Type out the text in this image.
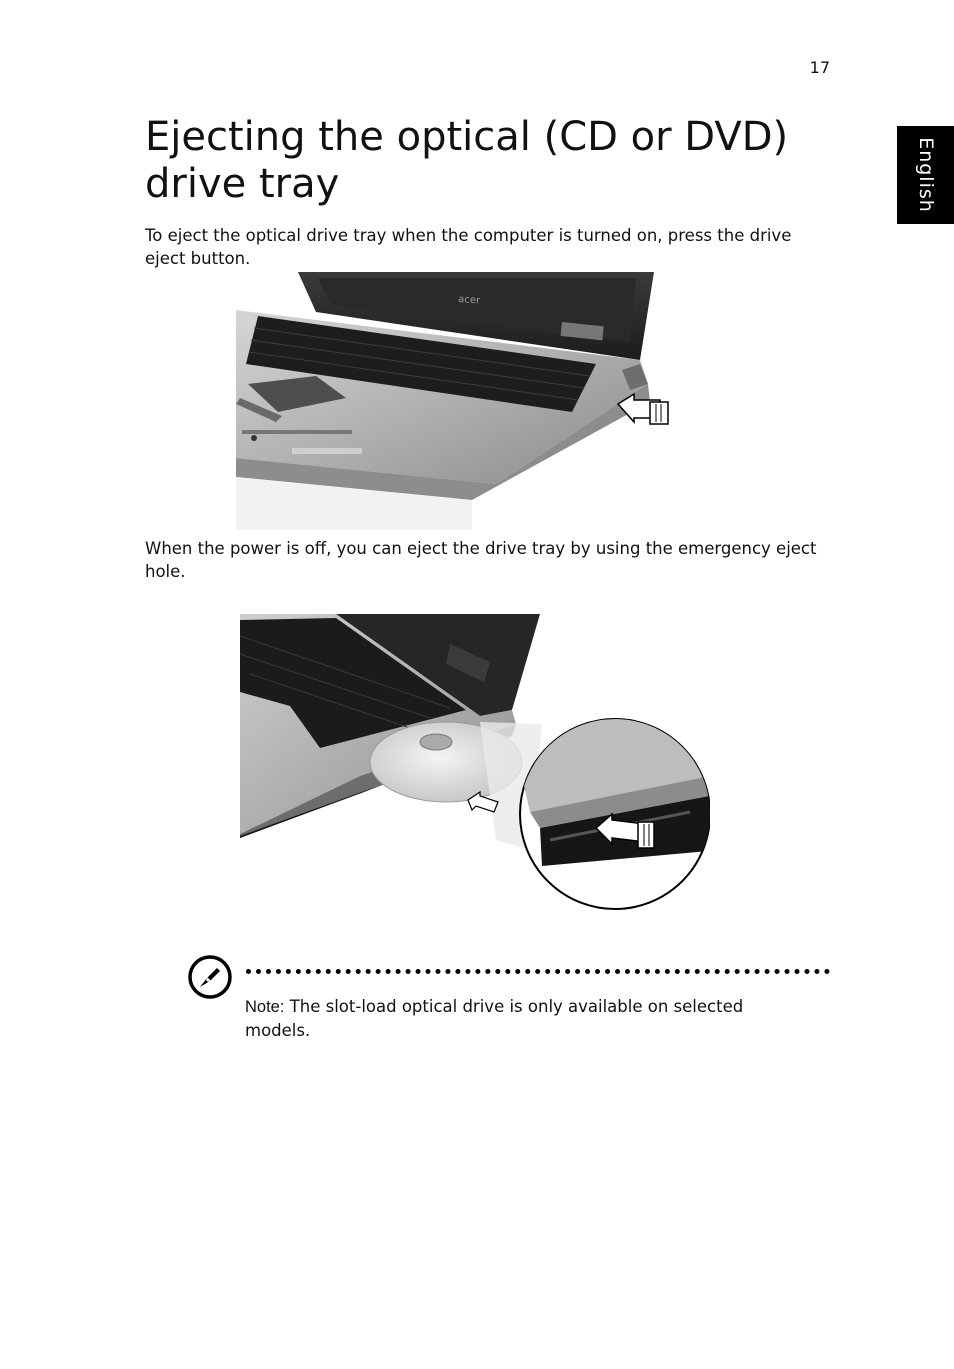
17
English
Ejecting the optical (CD or DVD) drive tray

To eject the optical drive tray when the computer is turned on, press the drive eject button.

acer

When the power is off, you can eject the drive tray by using the emergency eject hole.

Note: The slot-load optical drive is only available on selected models.
